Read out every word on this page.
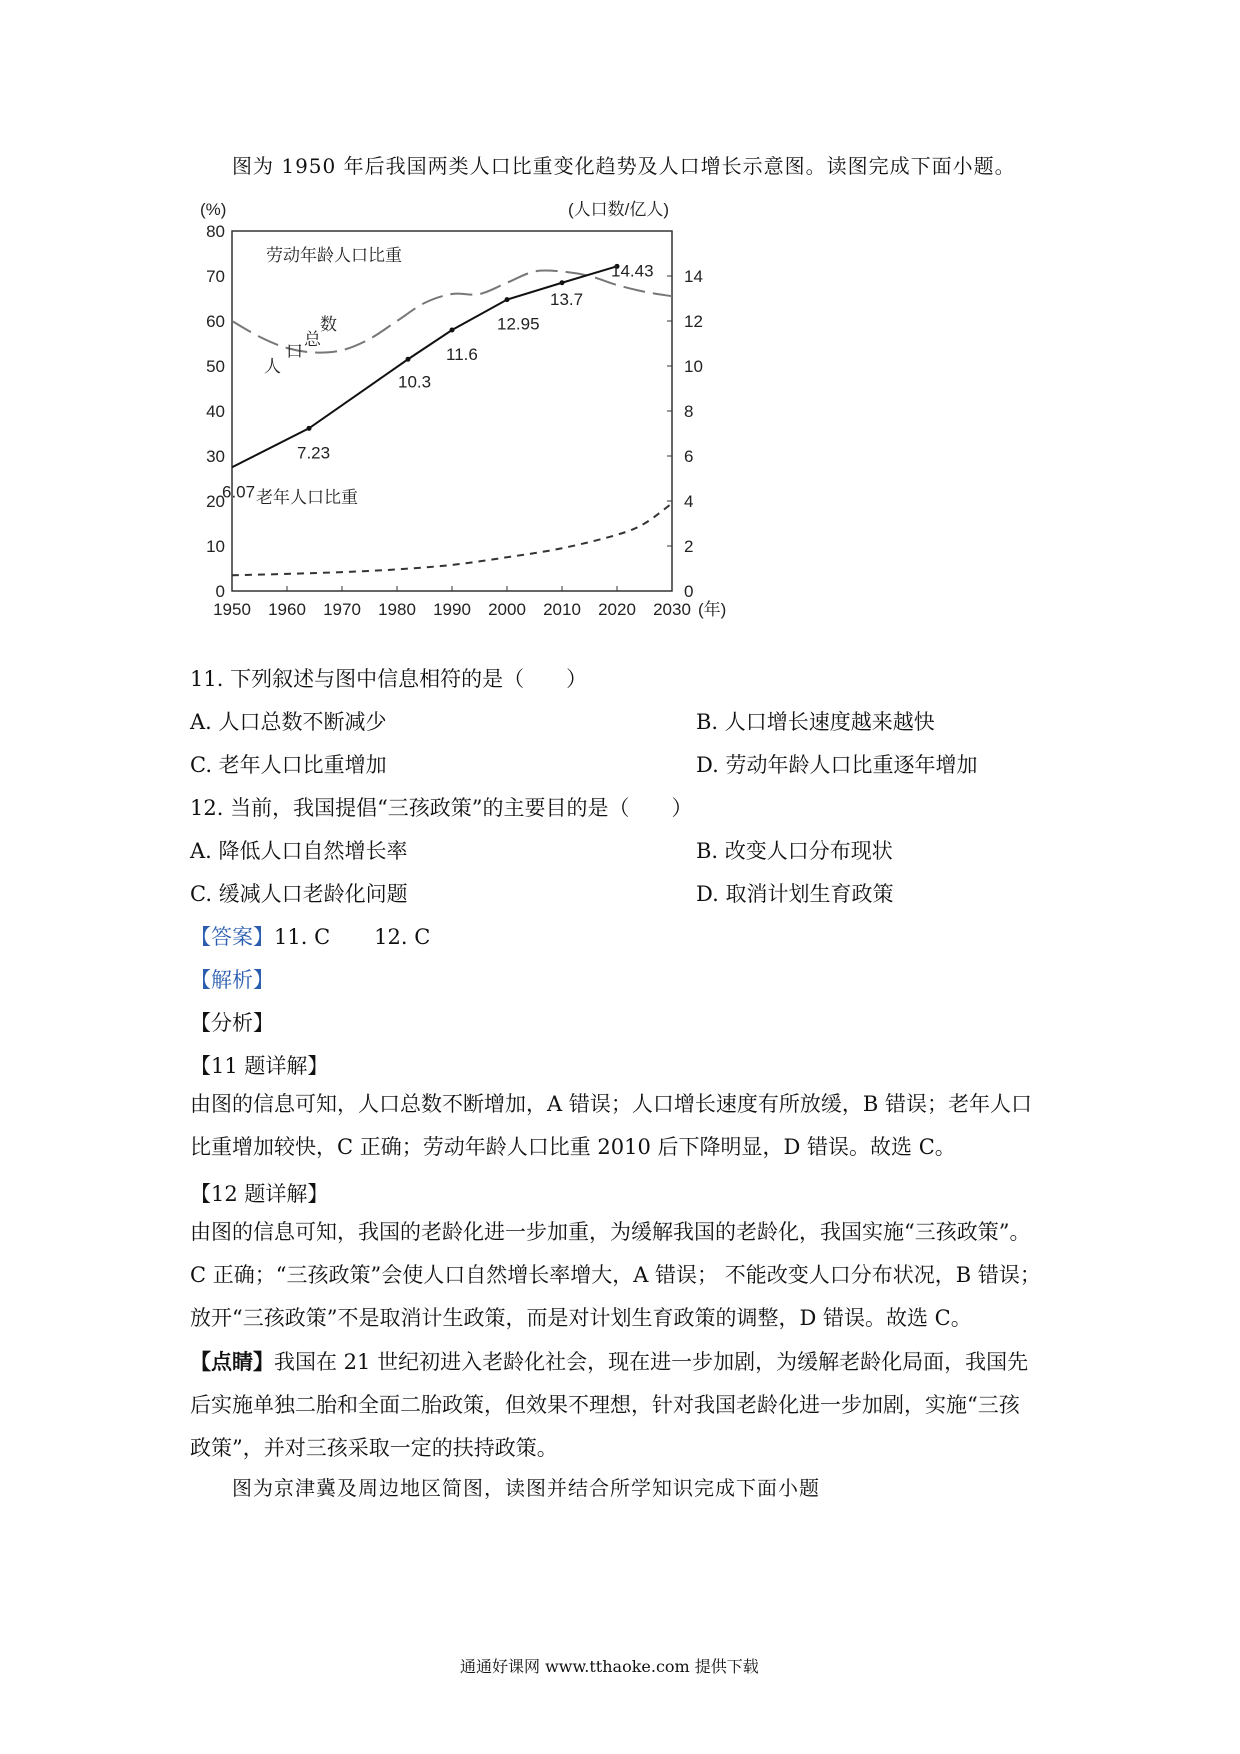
图为 1950 年后我国两类人口比重变化趋势及人口增长示意图。读图完成下面小题。
80
70
60
50
40
30
20
10
0
14
12
10
8
6
4
2
0
1950 1960 1970 1980 1990 2000 2010 2020 2030 (年)
(%)	(人口数/亿人)
6.07
7.23
10.3
11.6
12.95
13.7
14.43
劳动年龄人口比重
老年人口比重
人
口
总
数
11. 下列叙述与图中信息相符的是（　　）
A. 人口总数不断减少	B. 人口增长速度越来越快
C. 老年人口比重增加	D. 劳动年龄人口比重逐年增加
12. 当前，我国提倡“三孩政策”的主要目的是（　　）
A. 降低人口自然增长率	B. 改变人口分布现状
C. 缓减人口老龄化问题	D. 取消计划生育政策
【答案】11. C 12. C
【解析】
【分析】
【11 题详解】
由图的信息可知，人口总数不断增加，A 错误；人口增长速度有所放缓，B 错误；老年人口
比重增加较快，C 正确；劳动年龄人口比重 2010 后下降明显，D 错误。故选 C。
【12 题详解】
由图的信息可知，我国的老龄化进一步加重，为缓解我国的老龄化，我国实施“三孩政策”。
C 正确；“三孩政策”会使人口自然增长率增大，A 错误； 不能改变人口分布状况，B 错误；
放开“三孩政策”不是取消计生政策，而是对计划生育政策的调整，D 错误。故选 C。
【点睛】我国在 21 世纪初进入老龄化社会，现在进一步加剧，为缓解老龄化局面，我国先
后实施单独二胎和全面二胎政策，但效果不理想，针对我国老龄化进一步加剧，实施“三孩
政策”，并对三孩采取一定的扶持政策。
图为京津冀及周边地区简图，读图并结合所学知识完成下面小题
通通好课网 www.tthaoke.com 提供下载
